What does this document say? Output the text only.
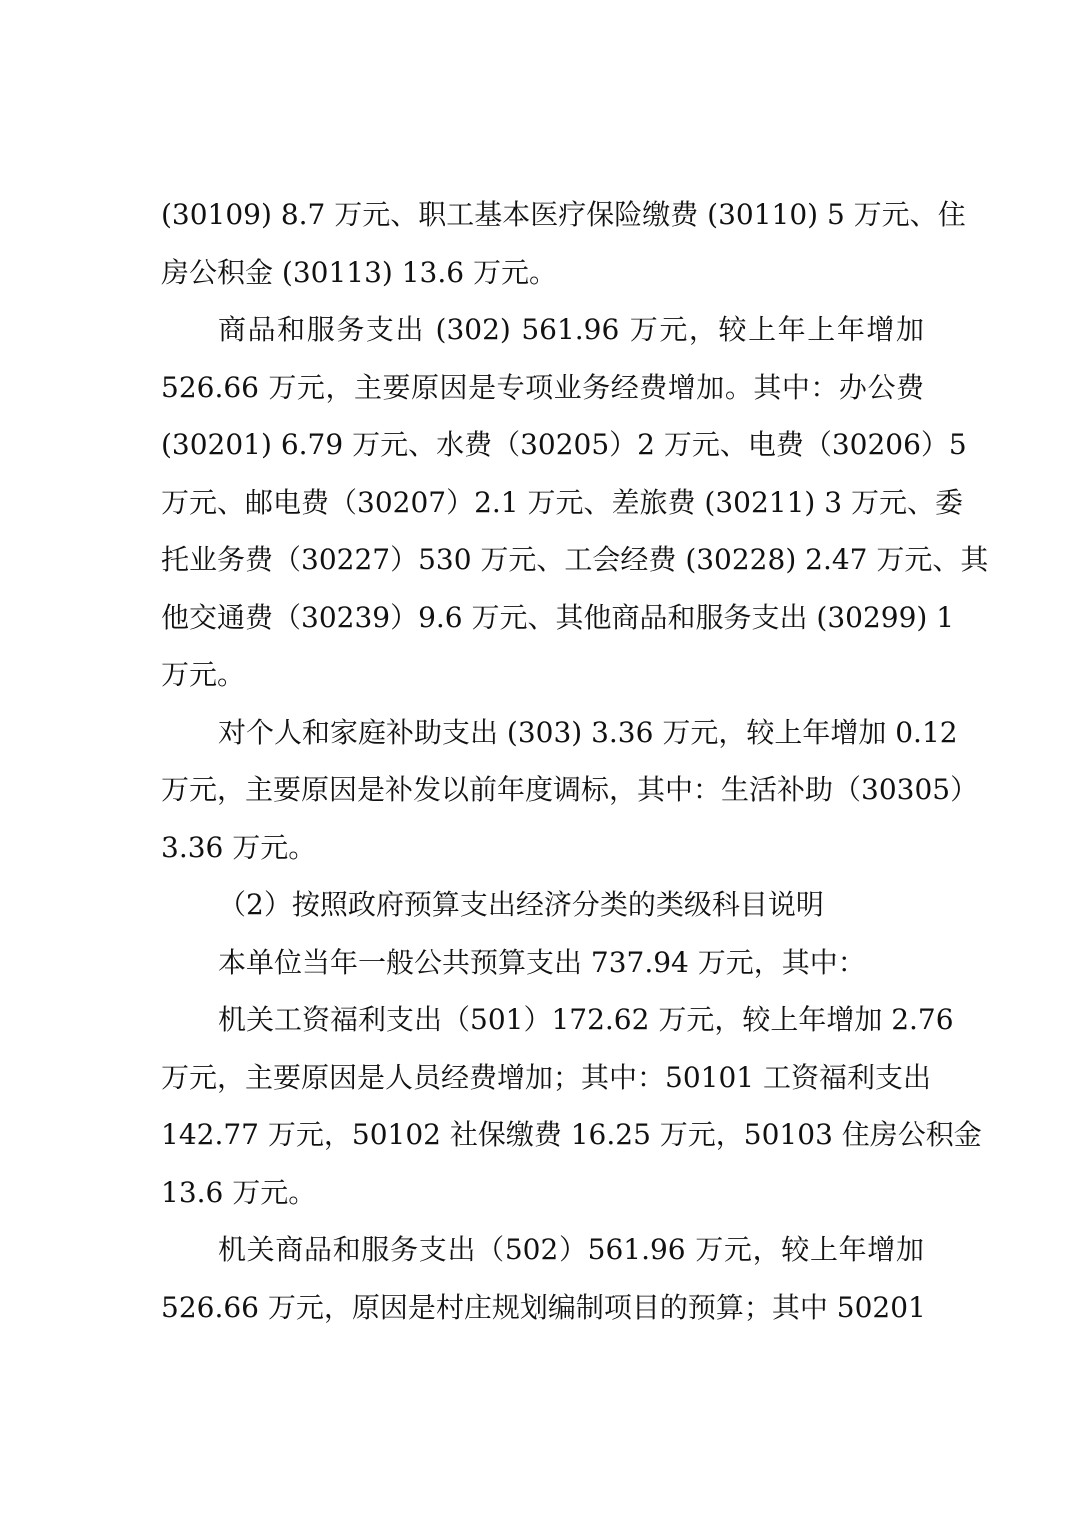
(30109) 8.7 万元、职工基本医疗保险缴费 (30110) 5 万元、住
房公积金 (30113) 13.6 万元。
商品和服务支出 (302) 561.96 万元，较上年上年增加
526.66 万元，主要原因是专项业务经费增加。其中：办公费
(30201) 6.79 万元、水费（30205）2 万元、电费（30206）5
万元、邮电费（30207）2.1 万元、差旅费 (30211) 3 万元、委
托业务费（30227）530 万元、工会经费 (30228) 2.47 万元、其
他交通费（30239）9.6 万元、其他商品和服务支出 (30299) 1
万元。
对个人和家庭补助支出 (303) 3.36 万元，较上年增加 0.12
万元，主要原因是补发以前年度调标，其中：生活补助（30305）
3.36 万元。
（2）按照政府预算支出经济分类的类级科目说明
本单位当年一般公共预算支出 737.94 万元，其中：
机关工资福利支出（501）172.62 万元，较上年增加 2.76
万元，主要原因是人员经费增加；其中：50101 工资福利支出
142.77 万元，50102 社保缴费 16.25 万元，50103 住房公积金
13.6 万元。
机关商品和服务支出（502）561.96 万元，较上年增加
526.66 万元，原因是村庄规划编制项目的预算；其中 50201
